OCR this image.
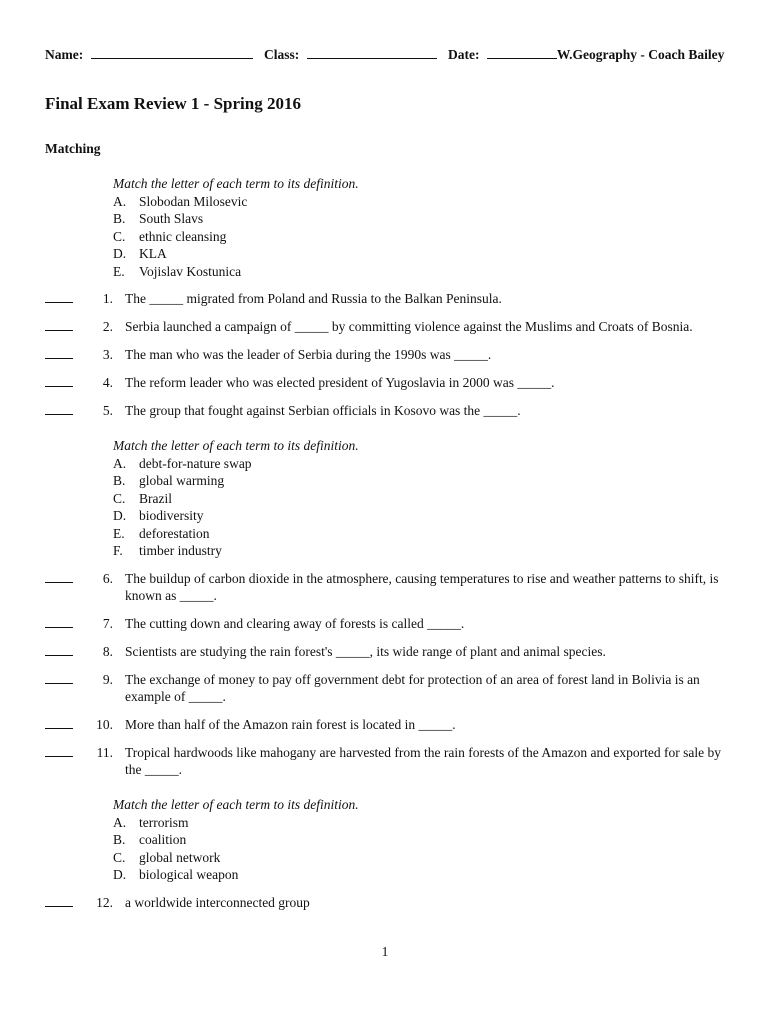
Name:	Class:	Date:	W.Geography - Coach Bailey
Final Exam Review 1 - Spring 2016
Matching
Match the letter of each term to its definition.
A. Slobodan Milosevic
B.	South Slavs
C.	ethnic cleansing
D. KLA
E.	Vojislav Kostunica
1. The _____ migrated from Poland and Russia to the Balkan Peninsula.
2. Serbia launched a campaign of _____ by committing violence against the Muslims and Croats of Bosnia.
3. The man who was the leader of Serbia during the 1990s was _____.
4. The reform leader who was elected president of Yugoslavia in 2000 was _____.
5. The group that fought against Serbian officials in Kosovo was the _____.
Match the letter of each term to its definition.
A. debt-for-nature swap
B.	global warming
C.	Brazil
D. biodiversity
E.	deforestation
F.	timber industry
6. The buildup of carbon dioxide in the atmosphere, causing temperatures to rise and weather patterns to shift, is known as _____.
7. The cutting down and clearing away of forests is called _____.
8. Scientists are studying the rain forest's _____, its wide range of plant and animal species.
9. The exchange of money to pay off government debt for protection of an area of forest land in Bolivia is an example of _____.
10. More than half of the Amazon rain forest is located in _____.
11. Tropical hardwoods like mahogany are harvested from the rain forests of the Amazon and exported for sale by the _____.
Match the letter of each term to its definition.
A. terrorism
B.	coalition
C.	global network
D. biological weapon
12. a worldwide interconnected group
1
